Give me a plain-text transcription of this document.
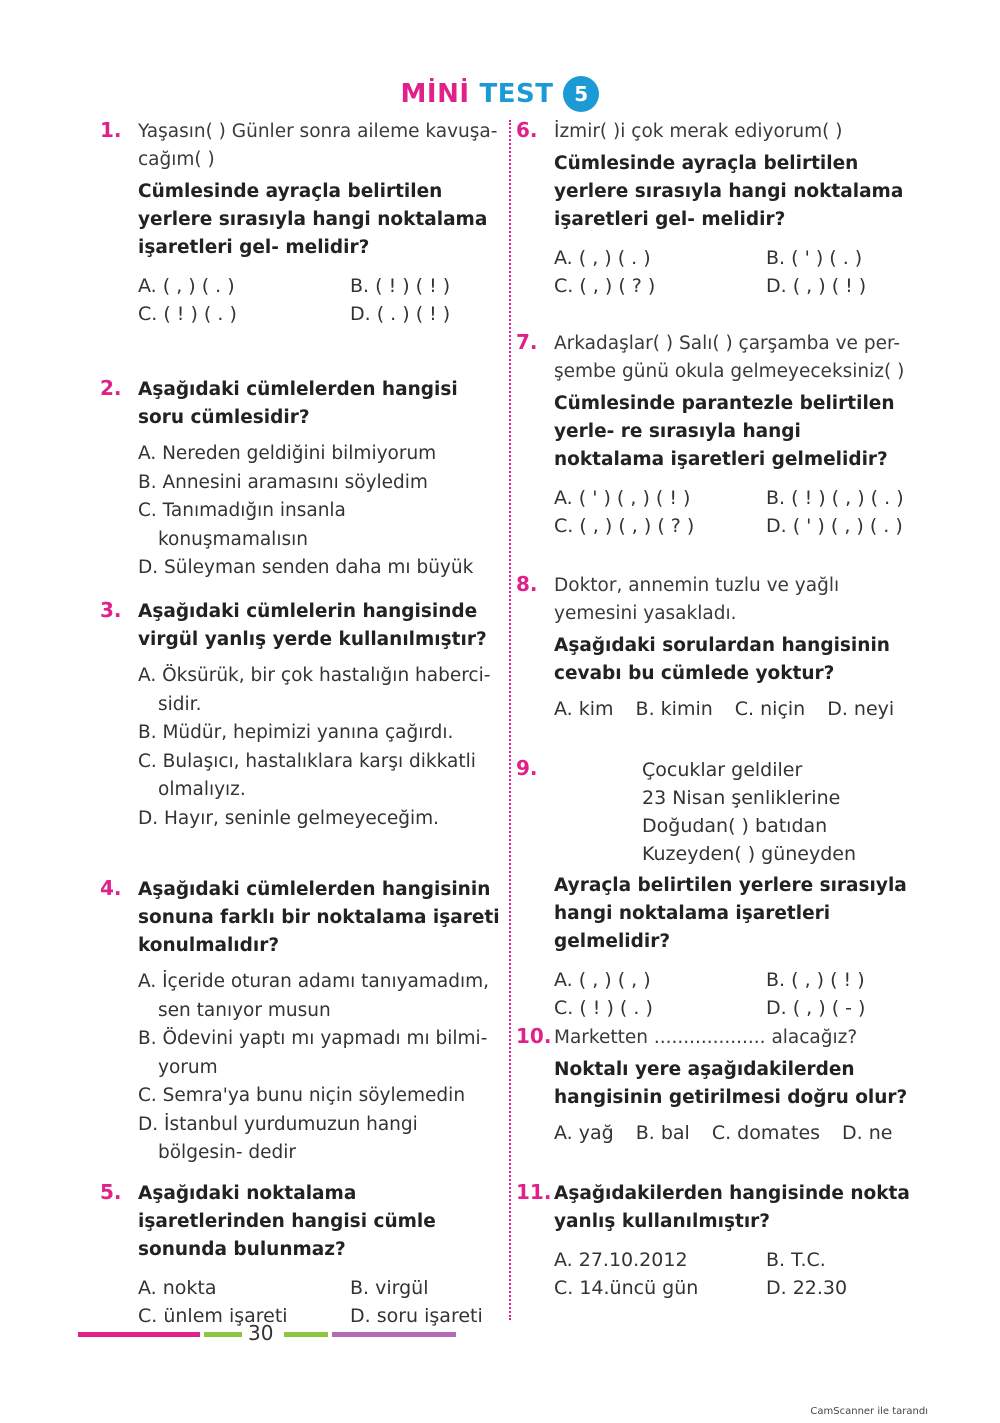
MİNİ TEST	5
1. Yaşasın( ) Günler sonra aileme kavuşa- cağım( )
Cümlesinde ayraçla belirtilen yerlere sırasıyla hangi noktalama işaretleri gel- melidir?
A. ( , ) ( . )	B. ( ! ) ( ! )
C. ( ! ) ( . )	D. ( . ) ( ! )
2. Aşağıdaki cümlelerden hangisi soru cümlesidir?
A. Nereden geldiğini bilmiyorum
B. Annesini aramasını söyledim
C. Tanımadığın insanla konuşmamalısın
D. Süleyman senden daha mı büyük
3. Aşağıdaki cümlelerin hangisinde virgül yanlış yerde kullanılmıştır?
A. Öksürük, bir çok hastalığın haberci- sidir.
B. Müdür, hepimizi yanına çağırdı.
C. Bulaşıcı, hastalıklara karşı dikkatli olmalıyız.
D. Hayır, seninle gelmeyeceğim.
4. Aşağıdaki cümlelerden hangisinin sonuna farklı bir noktalama işareti konulmalıdır?
A. İçeride oturan adamı tanıyamadım, sen tanıyor musun
B. Ödevini yaptı mı yapmadı mı bilmi- yorum
C. Semra'ya bunu niçin söylemedin
D. İstanbul yurdumuzun hangi bölgesin- dedir
5. Aşağıdaki noktalama işaretlerinden hangisi cümle sonunda bulunmaz?
A. nokta	B. virgül
C. ünlem işareti	D. soru işareti
6. İzmir( )i çok merak ediyorum( )
Cümlesinde ayraçla belirtilen yerlere sırasıyla hangi noktalama işaretleri gel- melidir?
A. ( , ) ( . )	B. ( ' ) ( . )
C. ( , ) ( ? )	D. ( , ) ( ! )
7. Arkadaşlar( ) Salı( ) çarşamba ve per- şembe günü okula gelmeyeceksiniz( )
Cümlesinde parantezle belirtilen yerle- re sırasıyla hangi noktalama işaretleri gelmelidir?
A. ( ' ) ( , ) ( ! )	B. ( ! ) ( , ) ( . )
C. ( , ) ( , ) ( ? )	D. ( ' ) ( , ) ( . )
8. Doktor, annemin tuzlu ve yağlı yemesini yasakladı.
Aşağıdaki sorulardan hangisinin cevabı bu cümlede yoktur?
A. kim B. kimin C. niçin D. neyi
9.	Çocuklar geldiler
23 Nisan şenliklerine
Doğudan( ) batıdan
Kuzeyden( ) güneyden
Ayraçla belirtilen yerlere sırasıyla hangi noktalama işaretleri gelmelidir?
A. ( , ) ( , )	B. ( , ) ( ! )
C. ( ! ) ( . )	D. ( , ) ( - )
10. Marketten ................... alacağız?
Noktalı yere aşağıdakilerden hangisinin getirilmesi doğru olur?
A. yağ B. bal C. domates D. ne
11. Aşağıdakilerden hangisinde nokta yanlış kullanılmıştır?
A. 27.10.2012	B. T.C.
C. 14.üncü gün	D. 22.30
30
CamScanner ile tarandı
